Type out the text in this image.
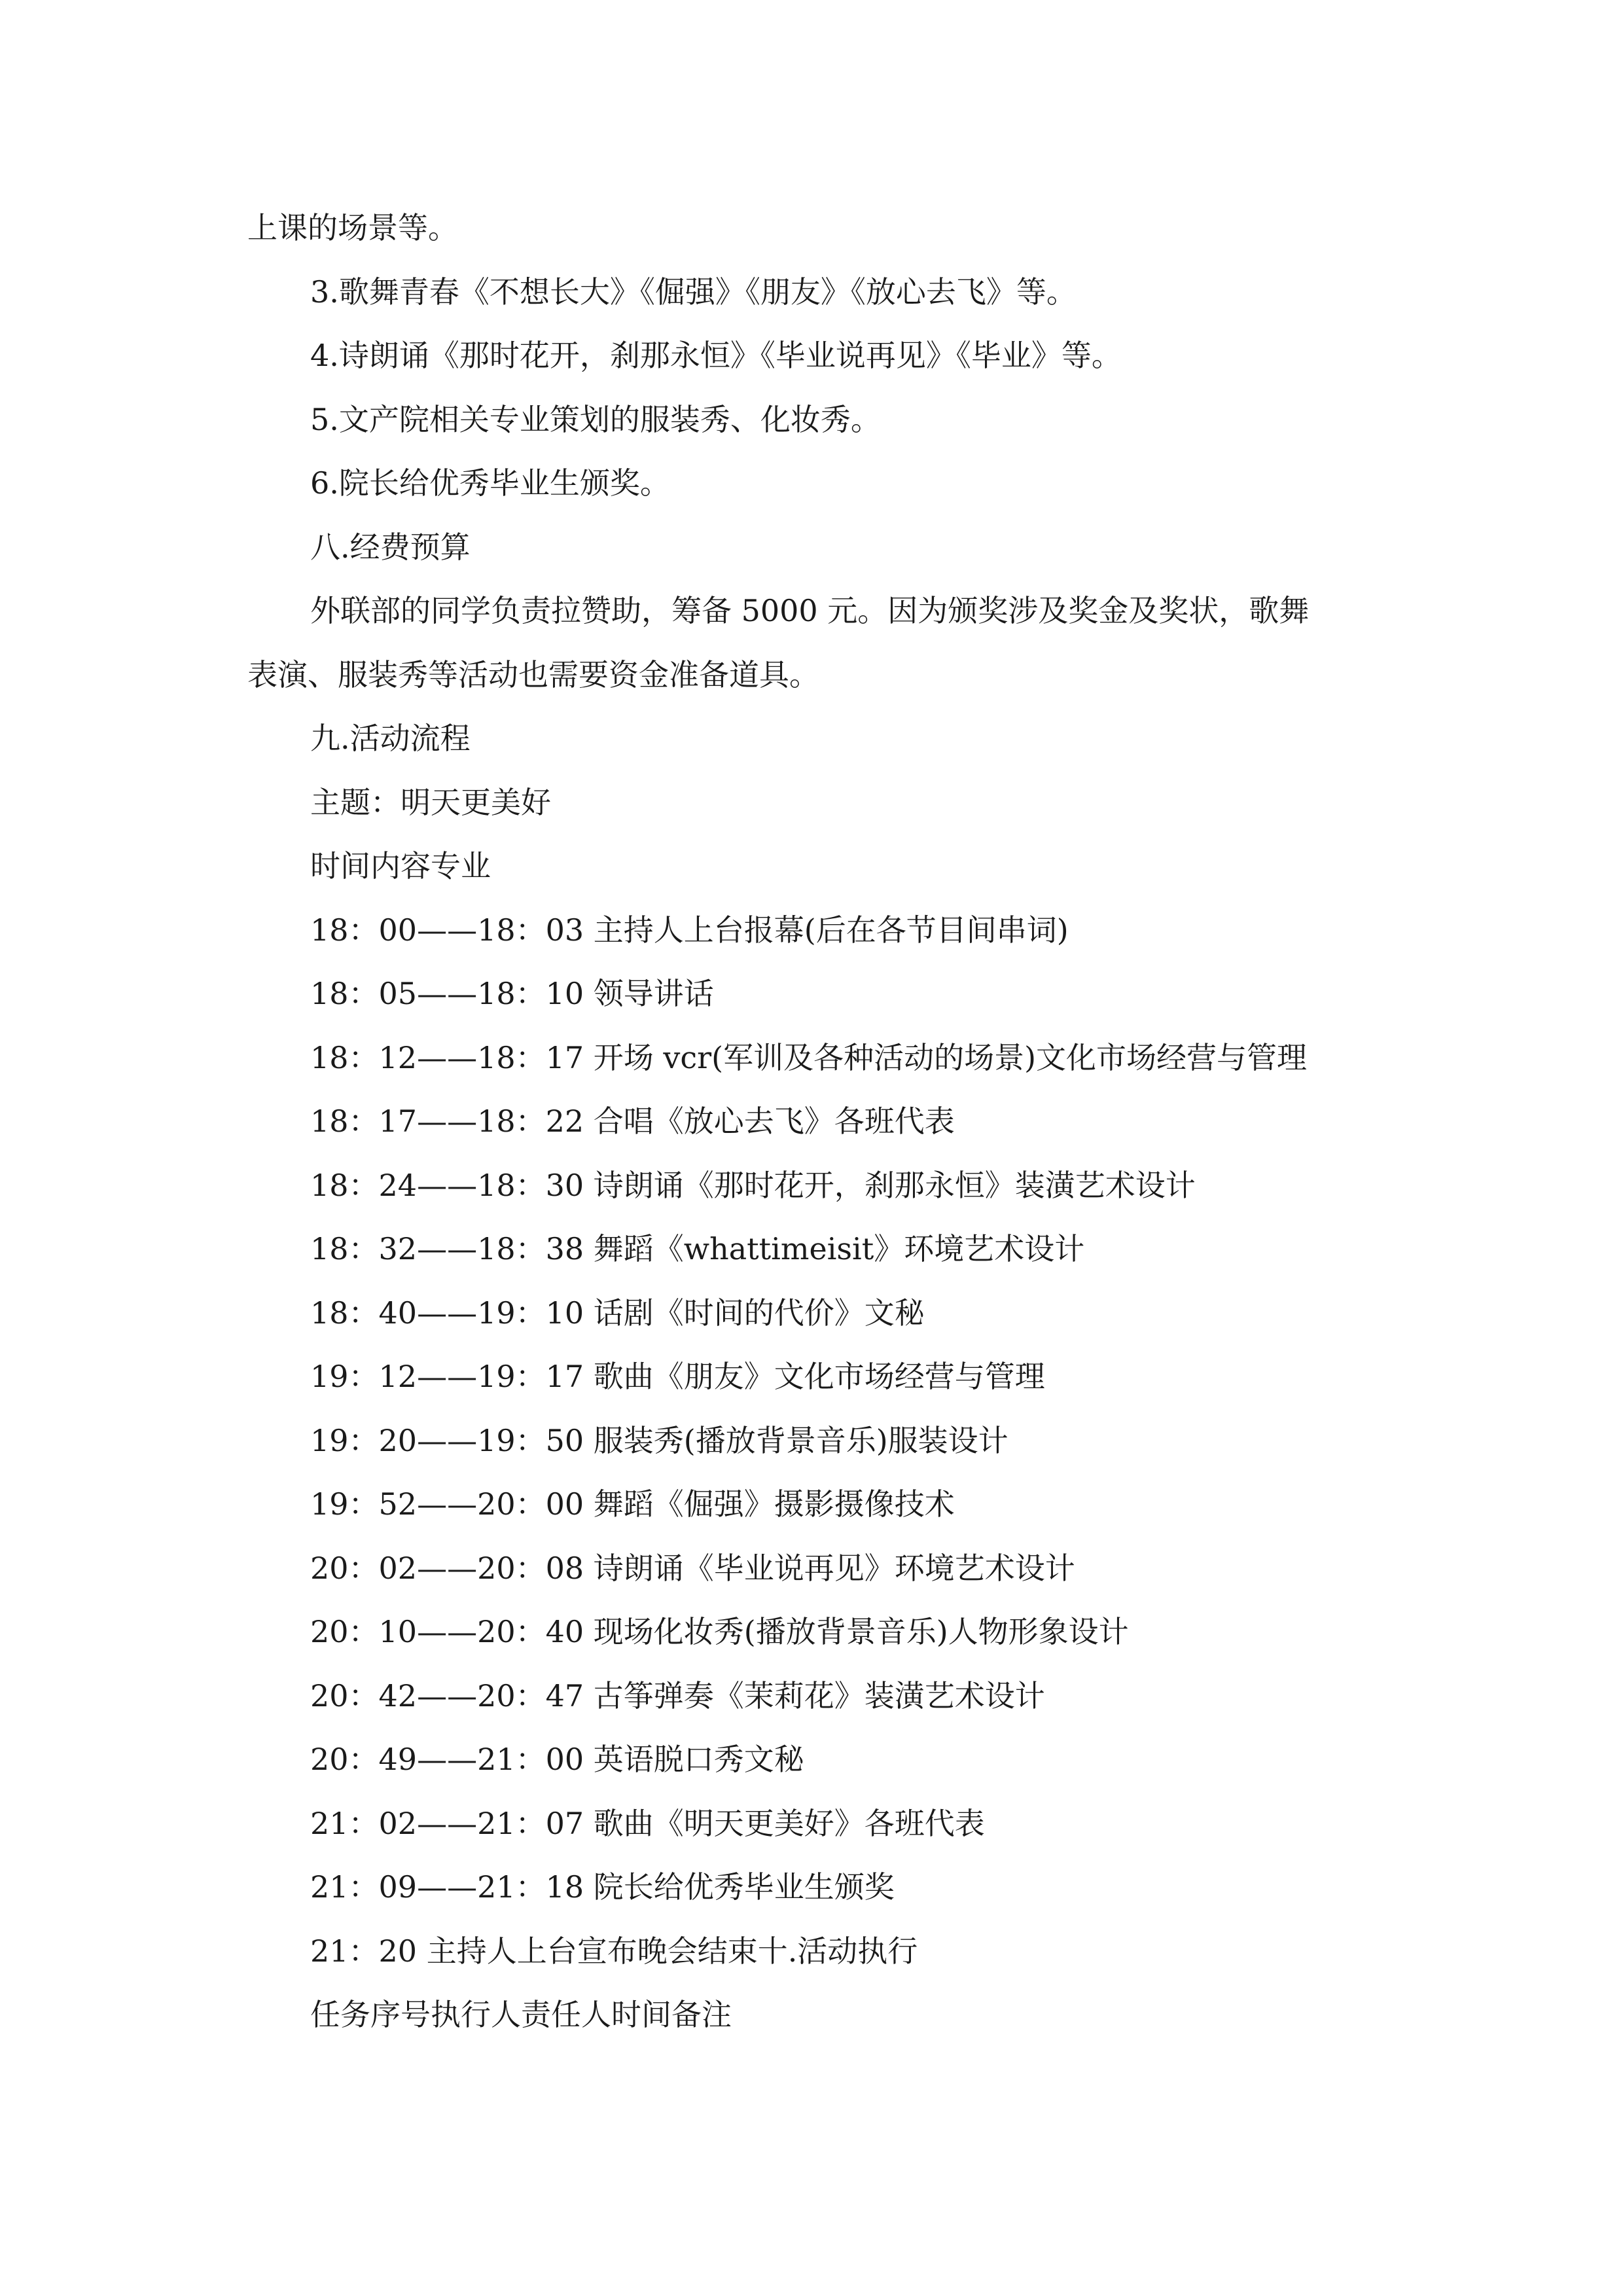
上课的场景等。
3.歌舞青春《不想长大》《倔强》《朋友》《放心去飞》等。
4.诗朗诵《那时花开，刹那永恒》《毕业说再见》《毕业》等。
5.文产院相关专业策划的服装秀、化妆秀。
6.院长给优秀毕业生颁奖。
八.经费预算
外联部的同学负责拉赞助，筹备 5000 元。因为颁奖涉及奖金及奖状，歌舞
表演、服装秀等活动也需要资金准备道具。
九.活动流程
主题：明天更美好
时间内容专业
18：00——18：03 主持人上台报幕(后在各节目间串词)
18：05——18：10 领导讲话
18：12——18：17 开场 vcr(军训及各种活动的场景)文化市场经营与管理
18：17——18：22 合唱《放心去飞》各班代表
18：24——18：30 诗朗诵《那时花开，刹那永恒》装潢艺术设计
18：32——18：38 舞蹈《whattimeisit》环境艺术设计
18：40——19：10 话剧《时间的代价》文秘
19：12——19：17 歌曲《朋友》文化市场经营与管理
19：20——19：50 服装秀(播放背景音乐)服装设计
19：52——20：00 舞蹈《倔强》摄影摄像技术
20：02——20：08 诗朗诵《毕业说再见》环境艺术设计
20：10——20：40 现场化妆秀(播放背景音乐)人物形象设计
20：42——20：47 古筝弹奏《茉莉花》装潢艺术设计
20：49——21：00 英语脱口秀文秘
21：02——21：07 歌曲《明天更美好》各班代表
21：09——21：18 院长给优秀毕业生颁奖
21：20 主持人上台宣布晚会结束十.活动执行
任务序号执行人责任人时间备注
